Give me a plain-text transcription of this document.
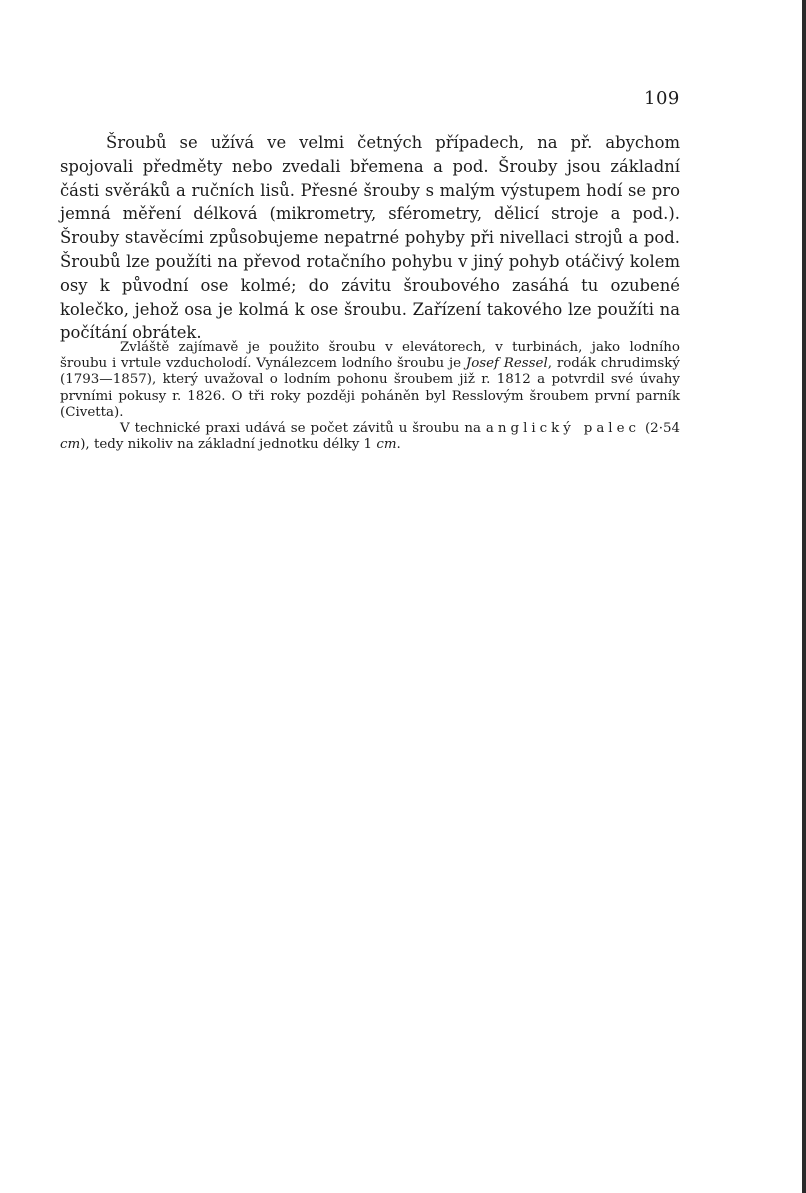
109

Šroubů se užívá ve velmi četných případech, na př. abychom spojovali předměty nebo zvedali břemena a pod. Šrouby jsou základní části svěráků a ručních lisů. Přesné šrouby s malým výstupem hodí se pro jemná měření délková (mikrometry, sférometry, dělicí stroje a pod.). Šrouby stavěcími způsobujeme nepatrné pohyby při nivellaci strojů a pod. Šroubů lze použíti na převod rotačního pohybu v jiný pohyb otáčivý kolem osy k původní ose kolmé; do závitu šroubového zasáhá tu ozubené kolečko, jehož osa je kolmá k ose šroubu. Zařízení takového lze použíti na počítání obrátek.

Zvláště zajímavě je použito šroubu v elevátorech, v turbinách, jako lodního šroubu i vrtule vzducholodí. Vynálezcem lodního šroubu je Josef Ressel, rodák chrudimský (1793—1857), který uvažoval o lodním pohonu šroubem již r. 1812 a potvrdil své úvahy prvními pokusy r. 1826. O tři roky později poháněn byl Resslovým šroubem první parník (Civetta).

V technické praxi udává se počet závitů u šroubu na anglický palec (2·54 cm), tedy nikoliv na základní jednotku délky 1 cm.
